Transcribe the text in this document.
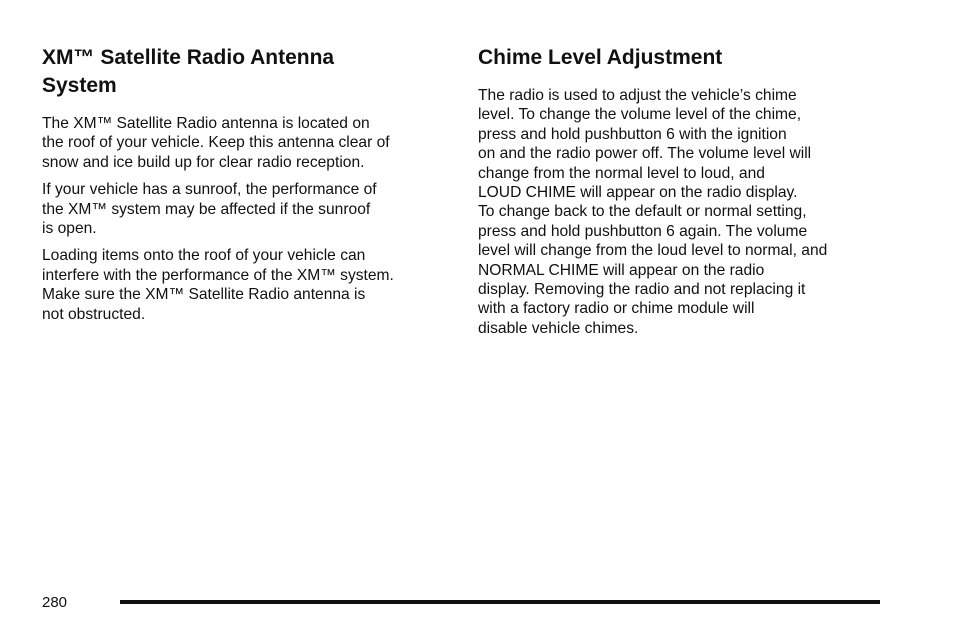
XM™ Satellite Radio Antenna
System

The XM™ Satellite Radio antenna is located on
the roof of your vehicle. Keep this antenna clear of
snow and ice build up for clear radio reception.

If your vehicle has a sunroof, the performance of
the XM™ system may be affected if the sunroof
is open.

Loading items onto the roof of your vehicle can
interfere with the performance of the XM™ system.
Make sure the XM™ Satellite Radio antenna is
not obstructed.

Chime Level Adjustment

The radio is used to adjust the vehicle’s chime
level. To change the volume level of the chime,
press and hold pushbutton 6 with the ignition
on and the radio power off. The volume level will
change from the normal level to loud, and
LOUD CHIME will appear on the radio display.
To change back to the default or normal setting,
press and hold pushbutton 6 again. The volume
level will change from the loud level to normal, and
NORMAL CHIME will appear on the radio
display. Removing the radio and not replacing it
with a factory radio or chime module will
disable vehicle chimes.

280
